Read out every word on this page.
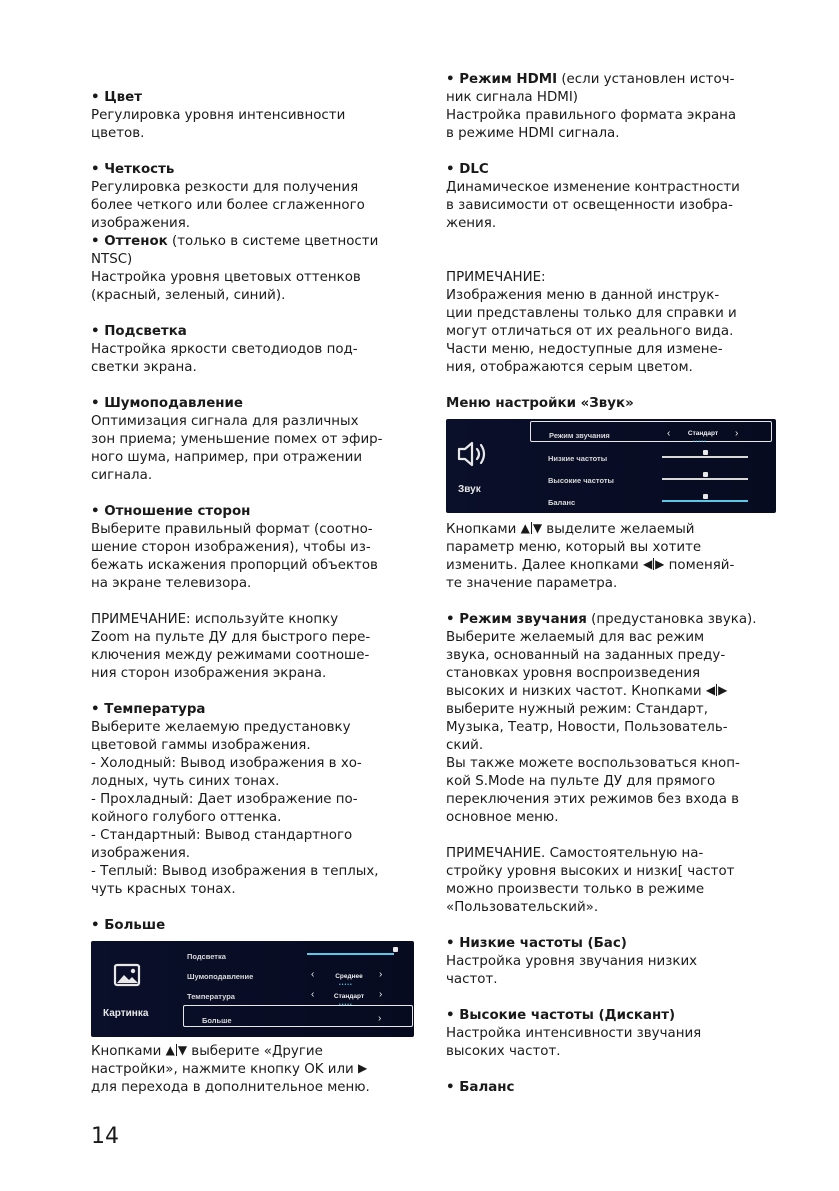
• Цвет

Регулировка уровня интенсивности
цветов.

• Четкость

Регулировка резкости для получения
более четкого или более сглаженного
изображения.

• Оттенок (только в системе цветности
NTSC)

Настройка уровня цветовых оттенков
(красный, зеленый, синий).

• Подсветка

Настройка яркости светодиодов под-
светки экрана.

• Шумоподавление

Оптимизация сигнала для различных
зон приема; уменьшение помех от эфир-
ного шума, например, при отражении
сигнала.

• Отношение сторон

Выберите правильный формат (соотно-
шение сторон изображения), чтобы из-
бежать искажения пропорций объектов
на экране телевизора.

ПРИМЕЧАНИЕ: используйте кнопку
Zoom на пульте ДУ для быстрого пере-
ключения между режимами соотноше-
ния сторон изображения экрана.

• Температура

Выберите желаемую предустановку
цветовой гаммы изображения.
- Холодный: Вывод изображения в хо-
лодных, чуть синих тонах.
- Прохладный: Дает изображение по-
койного голубого оттенка.
- Стандартный: Вывод стандартного
изображения.
- Теплый: Вывод изображения в теплых,
чуть красных тонах.

• Больше

Картинка
Подсветка
Шумоподавление	‹	Среднее
•••••
›
Температура	‹	Стандарт
•••••
›
Больше	›

Кнопками ▲ ▼ выберите «Другие
настройки», нажмите кнопку OK или ▶
для перехода в дополнительное меню.

• Режим HDMI (если установлен источ-

ник сигнала HDMI)
Настройка правильного формата экрана
в режиме HDMI сигнала.

• DLC

Динамическое изменение контрастности
в зависимости от освещенности изобра-
жения.

ПРИМЕЧАНИЕ:
Изображения меню в данной инструк-
ции представлены только для справки и
могут отличаться от их реального вида.
Части меню, недоступные для измене-
ния, отображаются серым цветом.

Меню настройки «Звук»

Звук
Режим звучания	‹	Стандарт
•••••
›
Низкие частоты
Высокие частоты
Баланс

Кнопками ▲ ▼ выделите желаемый
параметр меню, который вы хотите
изменить. Далее кнопками ◀ ▶ поменяй-
те значение параметра.

• Режим звучания (предустановка звука).

Выберите желаемый для вас режим
звука, основанный на заданных преду-
становках уровня воспроизведения

высоких и низких частот. Кнопками ◀ ▶

выберите нужный режим: Стандарт,
Музыка, Театр, Новости, Пользователь-
ский.
Вы также можете воспользоваться кноп-
кой S.Mode на пульте ДУ для прямого
переключения этих режимов без входа в
основное меню.

ПРИМЕЧАНИЕ. Самостоятельную на-
стройку уровня высоких и низки[ частот
можно произвести только в режиме
«Пользовательский».

• Низкие частоты (Бас)

Настройка уровня звучания низких
частот.

• Высокие частоты (Дискант)

Настройка интенсивности звучания
высоких частот.

• Баланс

14
